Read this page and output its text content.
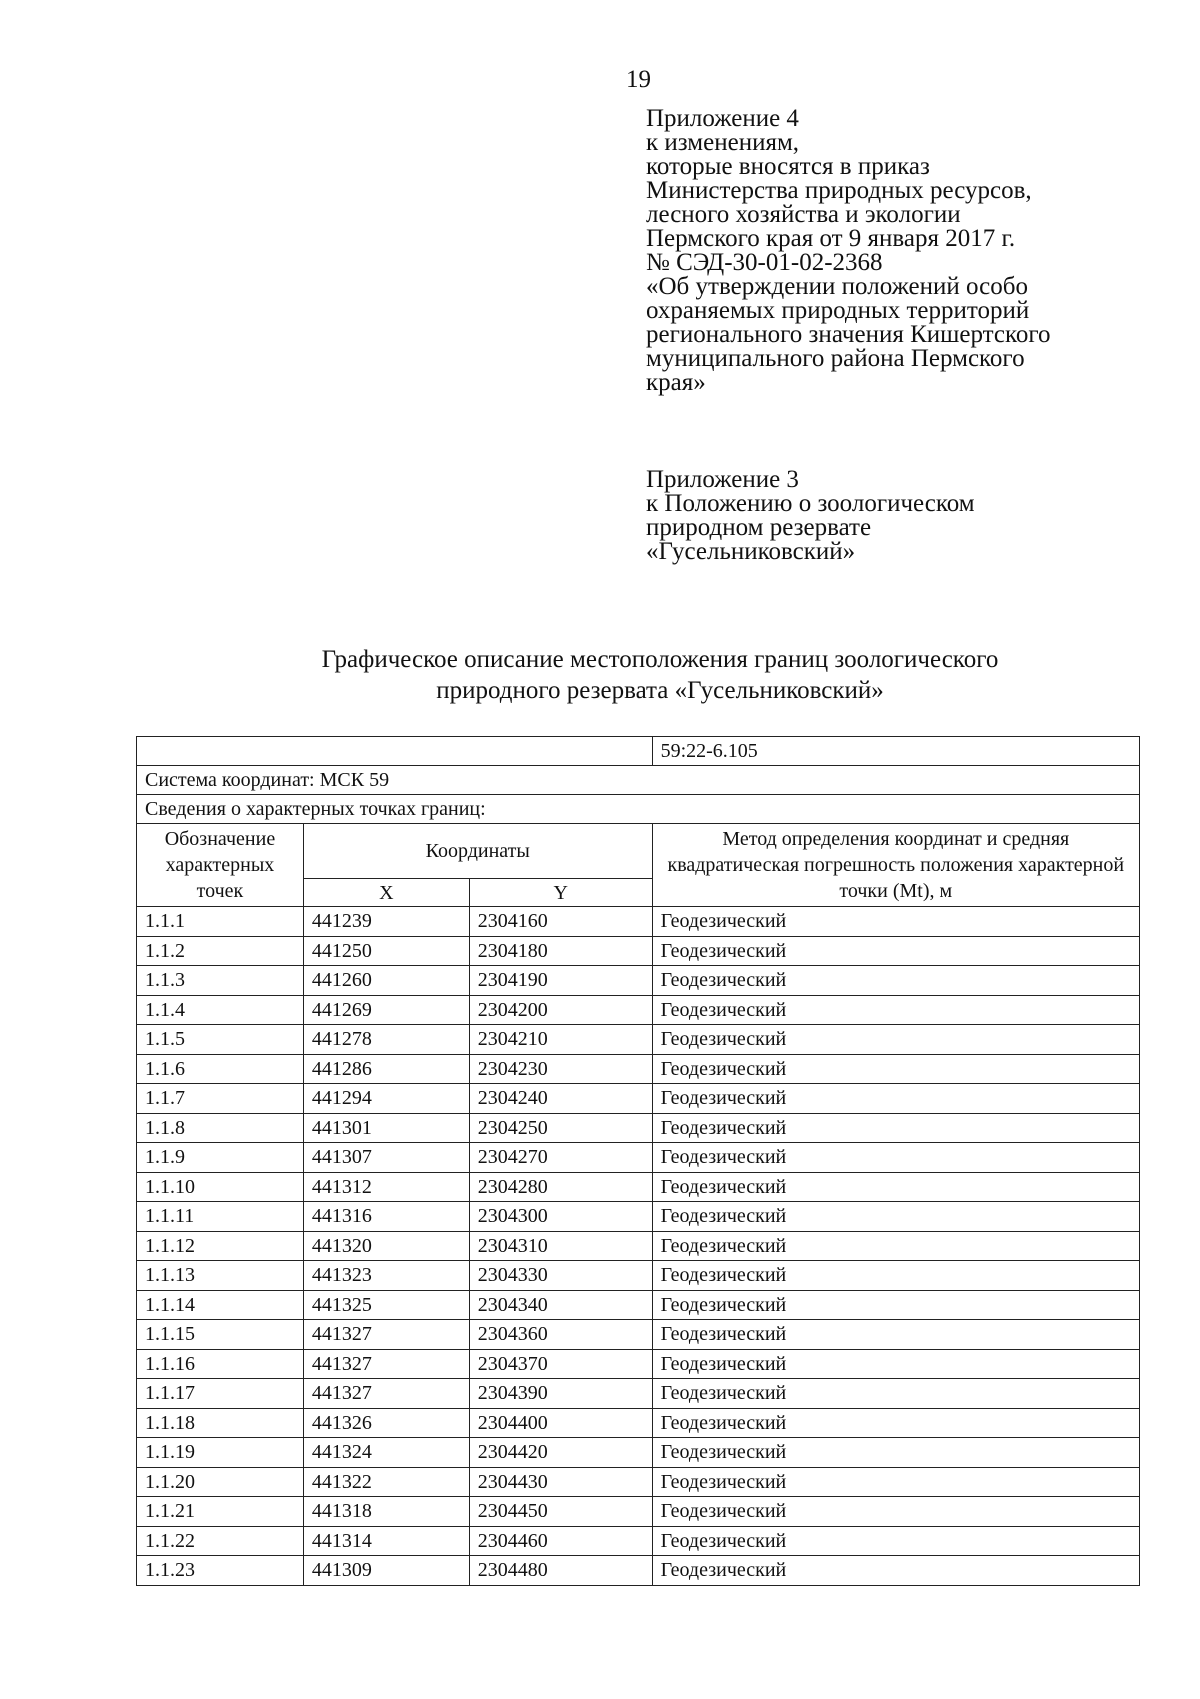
19
Приложение 4
к изменениям,
которые вносятся в приказ
Министерства природных ресурсов,
лесного хозяйства и экологии
Пермского края от 9 января 2017 г.
№ СЭД-30-01-02-2368
«Об утверждении положений особо
охраняемых природных территорий
регионального значения Кишертского
муниципального района Пермского
края»
Приложение 3
к Положению о зоологическом
природном резервате
«Гусельниковский»
Графическое описание местоположения границ зоологического
природного резервата «Гусельниковский»
			59:22-6.105
Система координат: МСК 59			
Сведения о характерных точках границ:			
Обозначение характерных точек	Координаты		Метод определения координат и средняя квадратическая погрешность положения характерной точки (Mt), м
	X	Y	
1.1.1	441239	2304160	Геодезический
1.1.2	441250	2304180	Геодезический
1.1.3	441260	2304190	Геодезический
1.1.4	441269	2304200	Геодезический
1.1.5	441278	2304210	Геодезический
1.1.6	441286	2304230	Геодезический
1.1.7	441294	2304240	Геодезический
1.1.8	441301	2304250	Геодезический
1.1.9	441307	2304270	Геодезический
1.1.10	441312	2304280	Геодезический
1.1.11	441316	2304300	Геодезический
1.1.12	441320	2304310	Геодезический
1.1.13	441323	2304330	Геодезический
1.1.14	441325	2304340	Геодезический
1.1.15	441327	2304360	Геодезический
1.1.16	441327	2304370	Геодезический
1.1.17	441327	2304390	Геодезический
1.1.18	441326	2304400	Геодезический
1.1.19	441324	2304420	Геодезический
1.1.20	441322	2304430	Геодезический
1.1.21	441318	2304450	Геодезический
1.1.22	441314	2304460	Геодезический
1.1.23	441309	2304480	Геодезический
